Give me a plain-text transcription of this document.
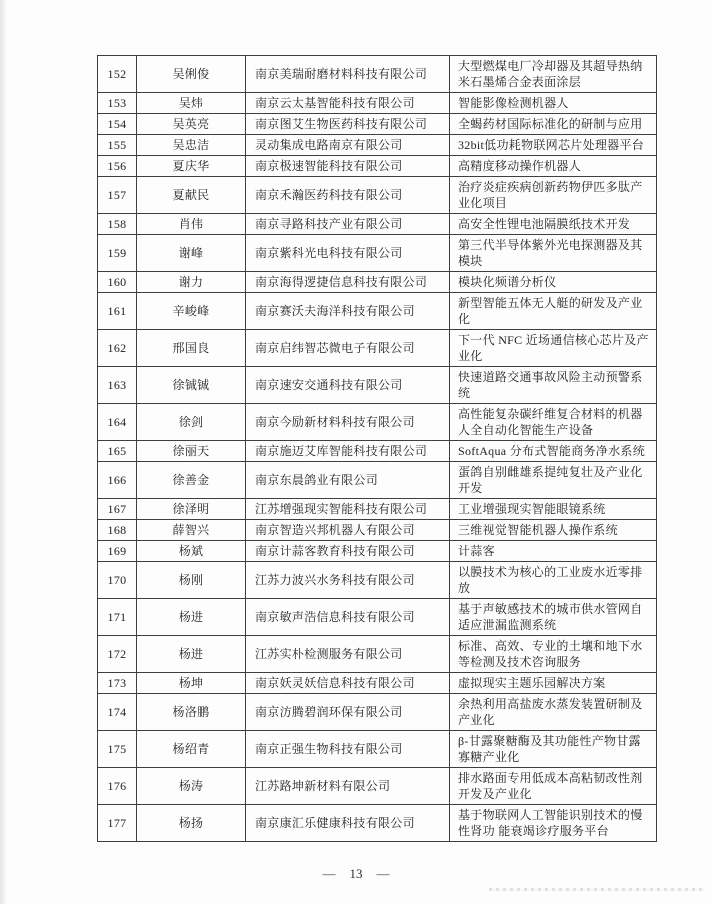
152	吴俐俊	南京美瑞耐磨材料科技有限公司	大型燃煤电厂冷却器及其超导热纳米石墨烯合金表面涂层
153	吴炜	南京云太基智能科技有限公司	智能影像检测机器人
154	吴英亮	南京图艾生物医药科技有限公司	全蝎药材国际标准化的研制与应用
155	吴忠洁	灵动集成电路南京有限公司	32bit低功耗物联网芯片处理器平台
156	夏庆华	南京极速智能科技有限公司	高精度移动操作机器人
157	夏献民	南京禾瀚医药科技有限公司	治疗炎症疾病创新药物伊匹多肽产业化项目
158	肖伟	南京寻路科技产业有限公司	高安全性锂电池隔膜纸技术开发
159	谢峰	南京紫科光电科技有限公司	第三代半导体紫外光电探测器及其模块
160	谢力	南京海得逻捷信息科技有限公司	模块化频谱分析仪
161	辛峻峰	南京赛沃夫海洋科技有限公司	新型智能五体无人艇的研发及产业化
162	邢国良	南京启纬智芯微电子有限公司	下一代 NFC 近场通信核心芯片及产业化
163	徐铖铖	南京速安交通科技有限公司	快速道路交通事故风险主动预警系统
164	徐剑	南京今励新材料科技有限公司	高性能复杂碳纤维复合材料的机器人全自动化智能生产设备
165	徐丽天	南京施迈艾库智能科技有限公司	SoftAqua 分布式智能商务净水系统
166	徐善金	南京东晨鸽业有限公司	蛋鸽自别雌雄系提纯复壮及产业化开发
167	徐泽明	江苏增强现实智能科技有限公司	工业增强现实智能眼镜系统
168	薛智兴	南京智造兴邦机器人有限公司	三维视觉智能机器人操作系统
169	杨斌	南京计蒜客教育科技有限公司	计蒜客
170	杨刚	江苏力波兴水务科技有限公司	以膜技术为核心的工业废水近零排放
171	杨进	南京敏声浩信息科技有限公司	基于声敏感技术的城市供水管网自适应泄漏监测系统
172	杨进	江苏实朴检测服务有限公司	标准、高效、专业的土壤和地下水等检测及技术咨询服务
173	杨坤	南京妖灵妖信息科技有限公司	虚拟现实主题乐园解决方案
174	杨洛鹏	南京汸腾碧润环保有限公司	余热利用高盐废水蒸发装置研制及产业化
175	杨绍青	南京正强生物科技有限公司	β-甘露聚糖酶及其功能性产物甘露寡糖产业化
176	杨涛	江苏路坤新材料有限公司	排水路面专用低成本高粘韧改性剂开发及产业化
177	杨扬	南京康汇乐健康科技有限公司	基于物联网人工智能识别技术的慢性肾功 能衰竭诊疗服务平台
— 13 —
